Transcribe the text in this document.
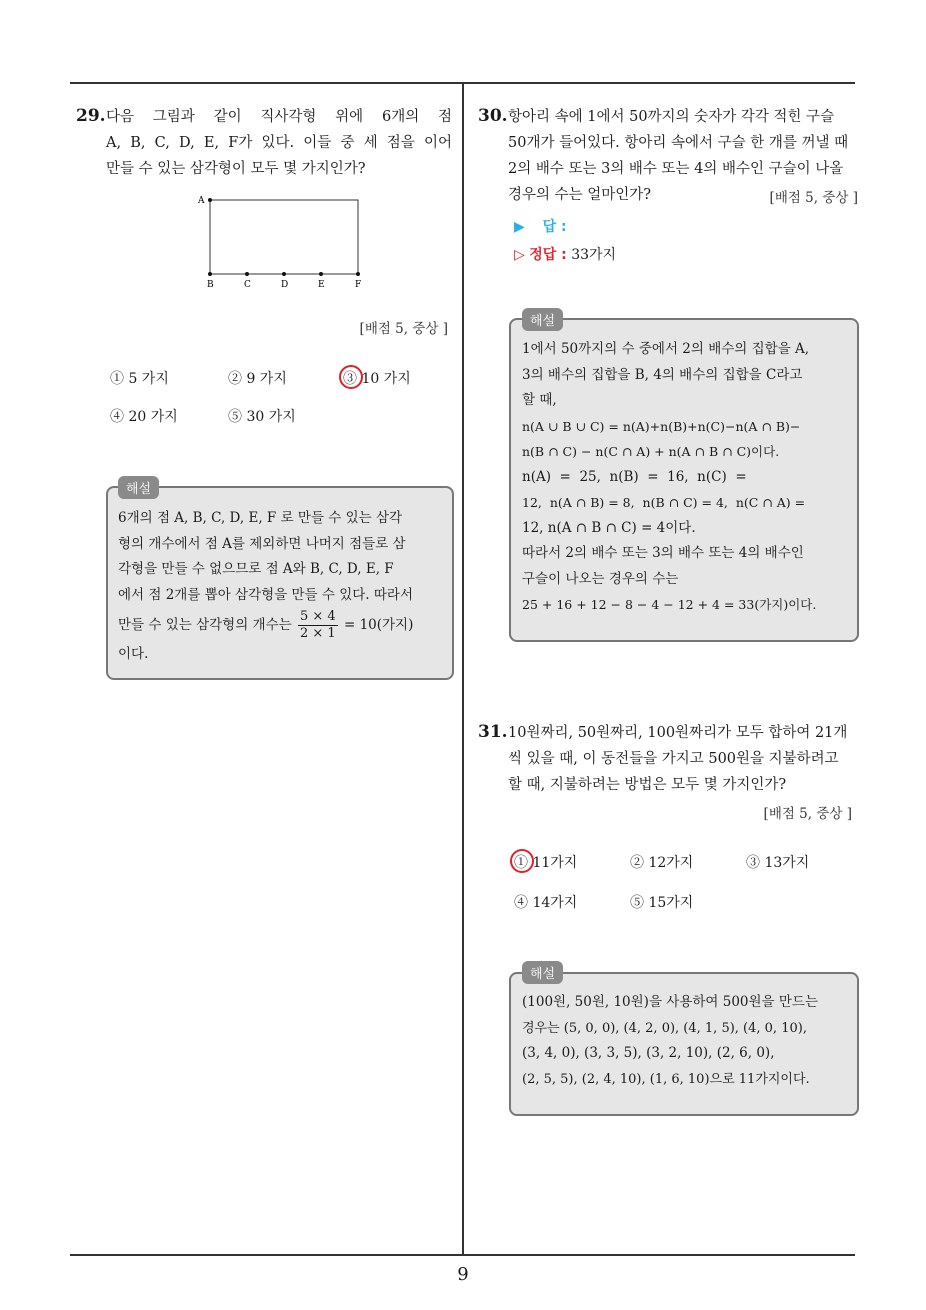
9
29. 다음 그림과 같이 직사각형 위에 6개의 점
A, B, C, D, E, F가 있다. 이들 중 세 점을 이어
만들 수 있는 삼각형이 모두 몇 가지인가?
A
B	C	D	E	F
[배점 5, 중상 ]
① 5 가지	② 9 가지	③ 10 가지
④ 20 가지	⑤ 30 가지
해설
6개의 점 A, B, C, D, E, F 로 만들 수 있는 삼각
형의 개수에서 점 A를 제외하면 나머지 점들로 삼
각형을 만들 수 없으므로 점 A와 B, C, D, E, F
에서 점 2개를 뽑아 삼각형을 만들 수 있다. 따라서
만들 수 있는 삼각형의 개수는 $\frac{5 \times 4}{2 \times 1} = 10$(가지)
이다.
30. 항아리 속에 1에서 50까지의 숫자가 각각 적힌 구슬
50개가 들어있다. 항아리 속에서 구슬 한 개를 꺼낼 때
2의 배수 또는 3의 배수 또는 4의 배수인 구슬이 나올
경우의 수는 얼마인가?	[배점 5, 중상 ]
▶ 답 :
▷ 정답 : 33가지
해설
1에서 50까지의 수 중에서 2의 배수의 집합을 A,
3의 배수의 집합을 B, 4의 배수의 집합을 C라고
할 때,
n(A ∪ B ∪ C) = n(A)+n(B)+n(C)−n(A ∩ B)−
n(B ∩ C) − n(C ∩ A) + n(A ∩ B ∩ C)이다.
n(A)  =  25,  n(B)  =  16,  n(C)  =
12,  n(A ∩ B) = 8,  n(B ∩ C) = 4,  n(C ∩ A) =
12, n(A ∩ B ∩ C) = 4이다.
따라서 2의 배수 또는 3의 배수 또는 4의 배수인
구슬이 나오는 경우의 수는
25 + 16 + 12 − 8 − 4 − 12 + 4 = 33(가지)이다.
31. 10원짜리, 50원짜리, 100원짜리가 모두 합하여 21개
씩 있을 때, 이 동전들을 가지고 500원을 지불하려고
할 때, 지불하려는 방법은 모두 몇 가지인가?
[배점 5, 중상 ]
① 11가지	② 12가지	③ 13가지
④ 14가지	⑤ 15가지
해설
(100원, 50원, 10원)을 사용하여 500원을 만드는
경우는 (5, 0, 0), (4, 2, 0), (4, 1, 5), (4, 0, 10),
(3, 4, 0), (3, 3, 5), (3, 2, 10), (2, 6, 0),
(2, 5, 5), (2, 4, 10), (1, 6, 10)으로 11가지이다.
